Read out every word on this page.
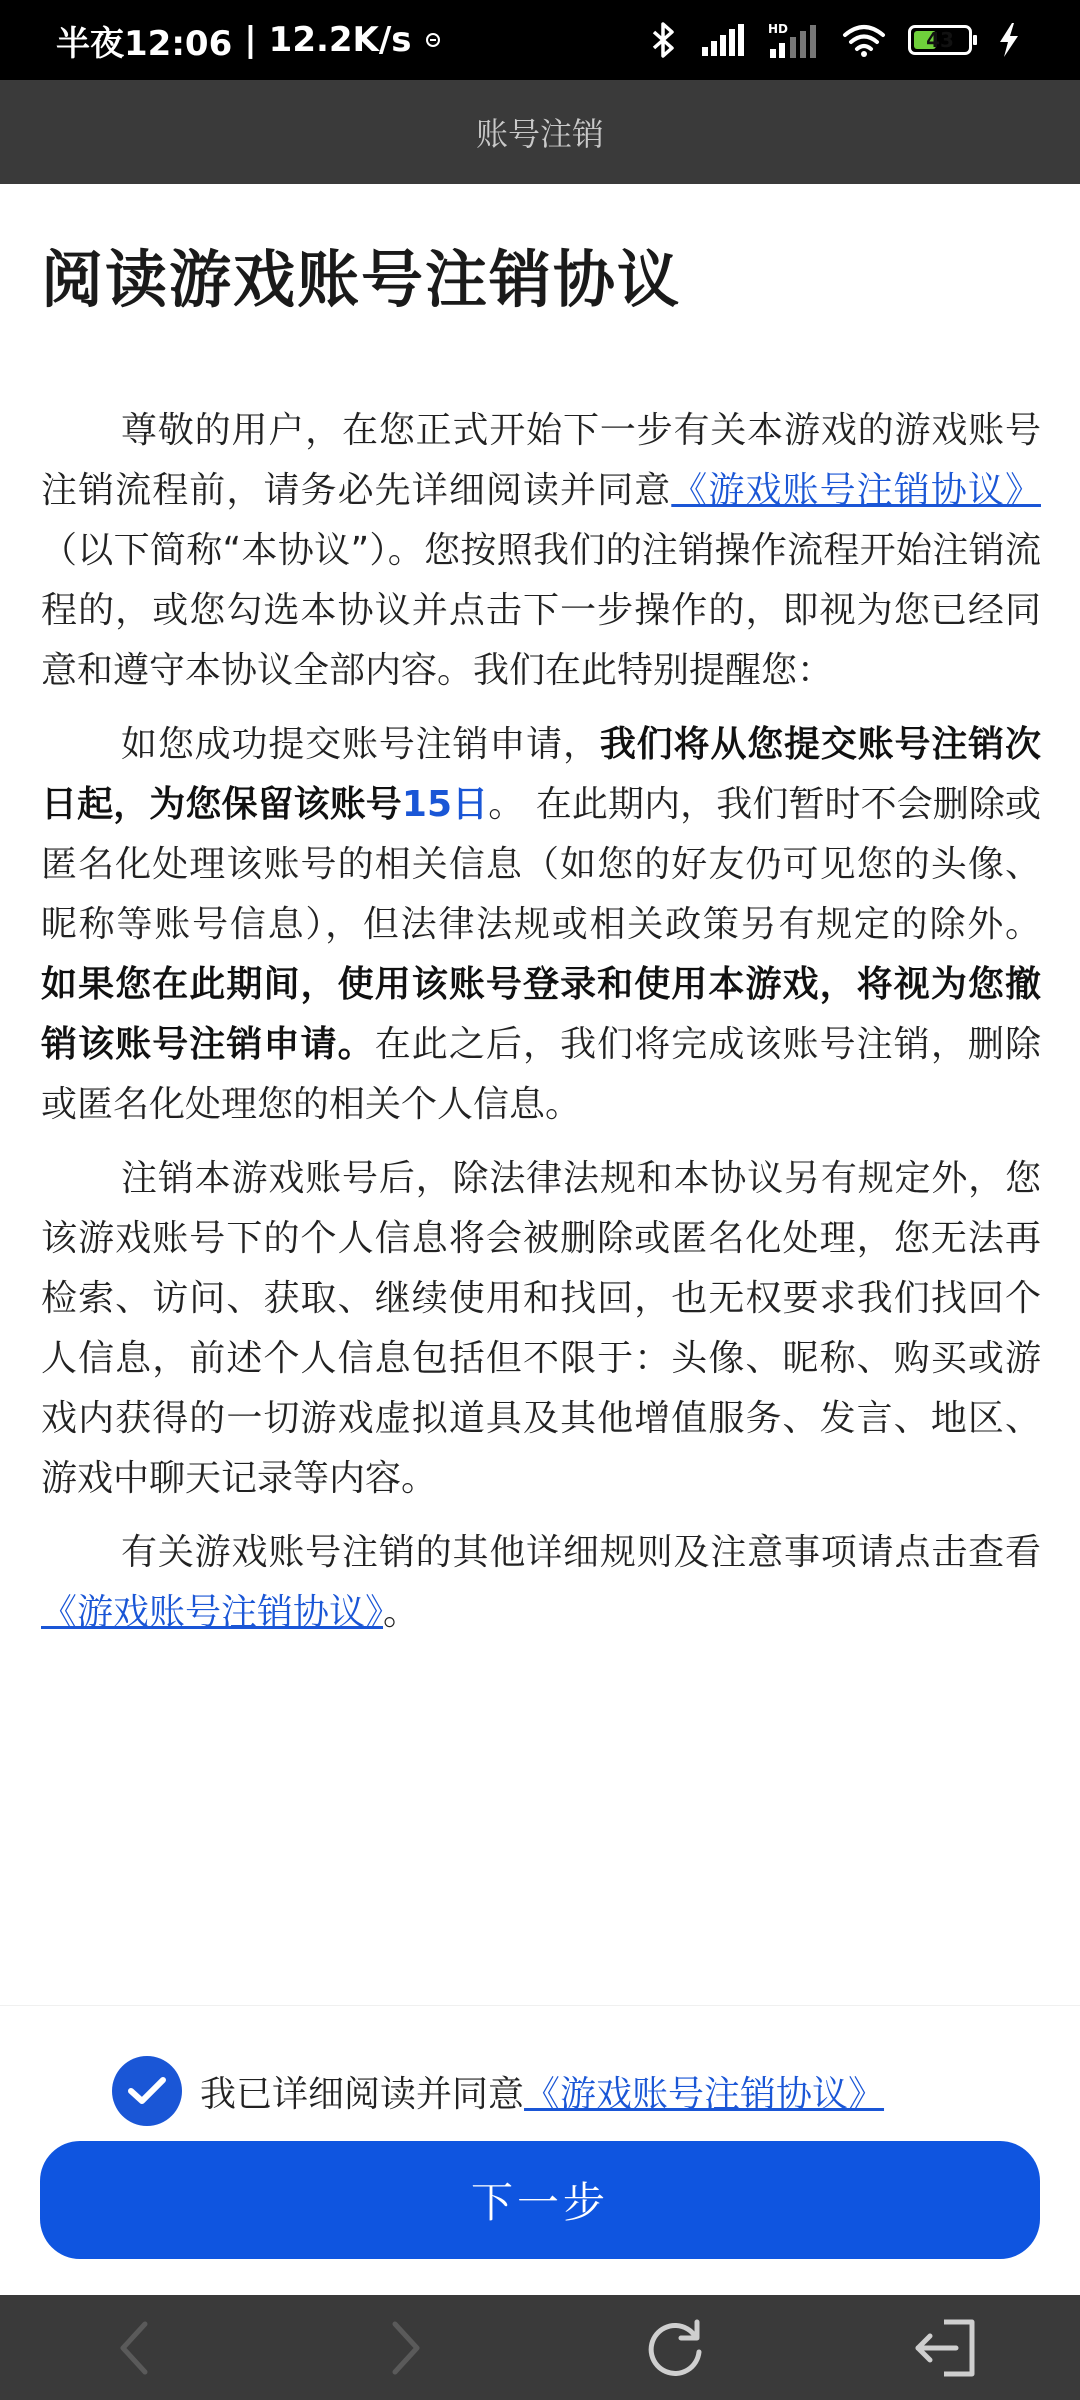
半夜12:06 | 12.2K/s	HD	43
账号注销
阅读游戏账号注销协议

尊敬的用户，在您正式开始下一步有关本游戏的游戏账号注销流程前，请务必先详细阅读并同意《游戏账号注销协议》（以下简称“本协议”）。您按照我们的注销操作流程开始注销流程的，或您勾选本协议并点击下一步操作的，即视为您已经同意和遵守本协议全部内容。我们在此特别提醒您：

如您成功提交账号注销申请，我们将从您提交账号注销次日起，为您保留该账号15日。 在此期内，我们暂时不会删除或匿名化处理该账号的相关信息（如您的好友仍可见您的头像、昵称等账号信息），但法律法规或相关政策另有规定的除外。 如果您在此期间，使用该账号登录和使用本游戏，将视为您撤销该账号注销申请。在此之后，我们将完成该账号注销，删除或匿名化处理您的相关个人信息。

注销本游戏账号后，除法律法规和本协议另有规定外，您该游戏账号下的个人信息将会被删除或匿名化处理，您无法再检索、访问、获取、继续使用和找回，也无权要求我们找回个人信息，前述个人信息包括但不限于：头像、昵称、购买或游戏内获得的一切游戏虚拟道具及其他增值服务、发言、地区、游戏中聊天记录等内容。

有关游戏账号注销的其他详细规则及注意事项请点击查看《游戏账号注销协议》。

我已详细阅读并同意 《游戏账号注销协议》
下一步
